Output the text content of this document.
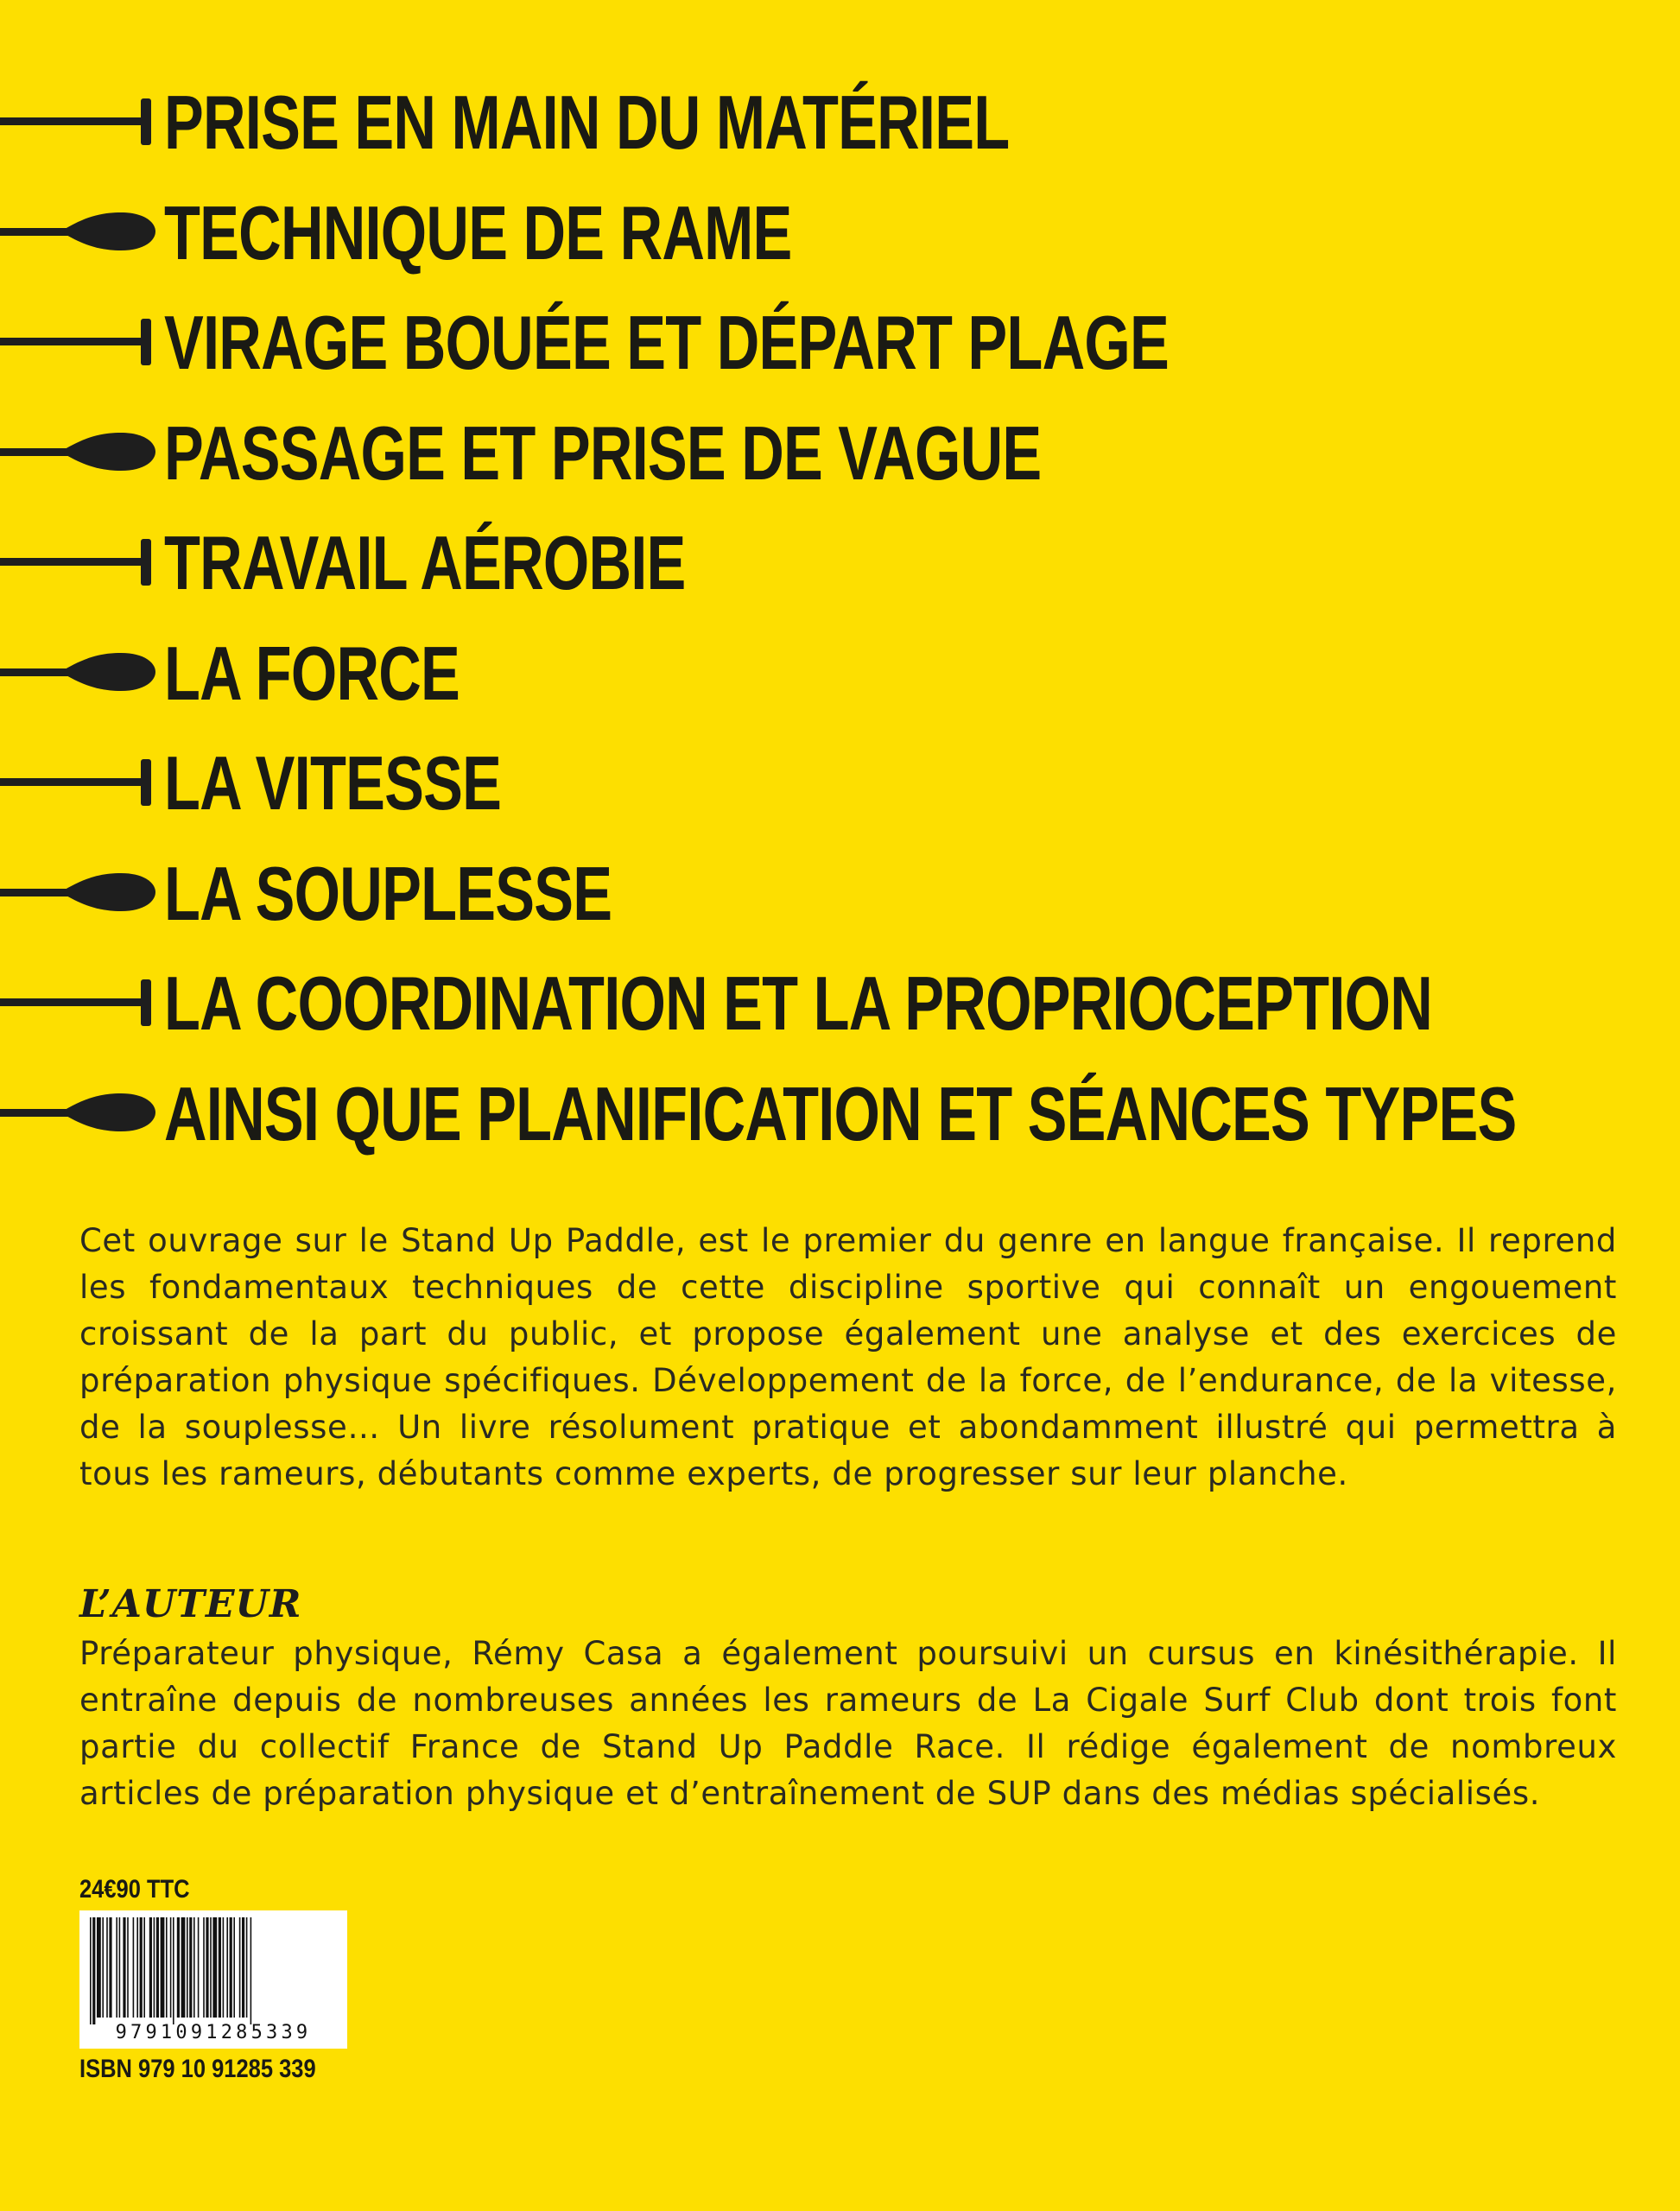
PRISE EN MAIN DU MATÉRIEL
TECHNIQUE DE RAME
VIRAGE BOUÉE ET DÉPART PLAGE
PASSAGE ET PRISE DE VAGUE
TRAVAIL AÉROBIE
LA FORCE
LA VITESSE
LA SOUPLESSE
LA COORDINATION ET LA PROPRIOCEPTION
AINSI QUE PLANIFICATION ET SÉANCES TYPES

Cet ouvrage sur le Stand Up Paddle, est le premier du genre en langue française. Il reprend les fondamentaux techniques de cette discipline sportive qui connaît un engouement croissant de la part du public, et propose également une analyse et des exercices de préparation physique spécifiques. Développement de la force, de l’endurance, de la vitesse, de la souplesse… Un livre résolument pratique et abondamment illustré qui permettra à tous les rameurs, débutants comme experts, de progresser sur leur planche.

L’AUTEUR

Préparateur physique, Rémy Casa a également poursuivi un cursus en kinésithérapie. Il entraîne depuis de nombreuses années les rameurs de La Cigale Surf Club dont trois font partie du collectif France de Stand Up Paddle Race. Il rédige également de nombreux articles de préparation physique et d’entraînement de SUP dans des médias spécialisés.

24€90 TTC
9791091285339
ISBN 979 10 91285 339
